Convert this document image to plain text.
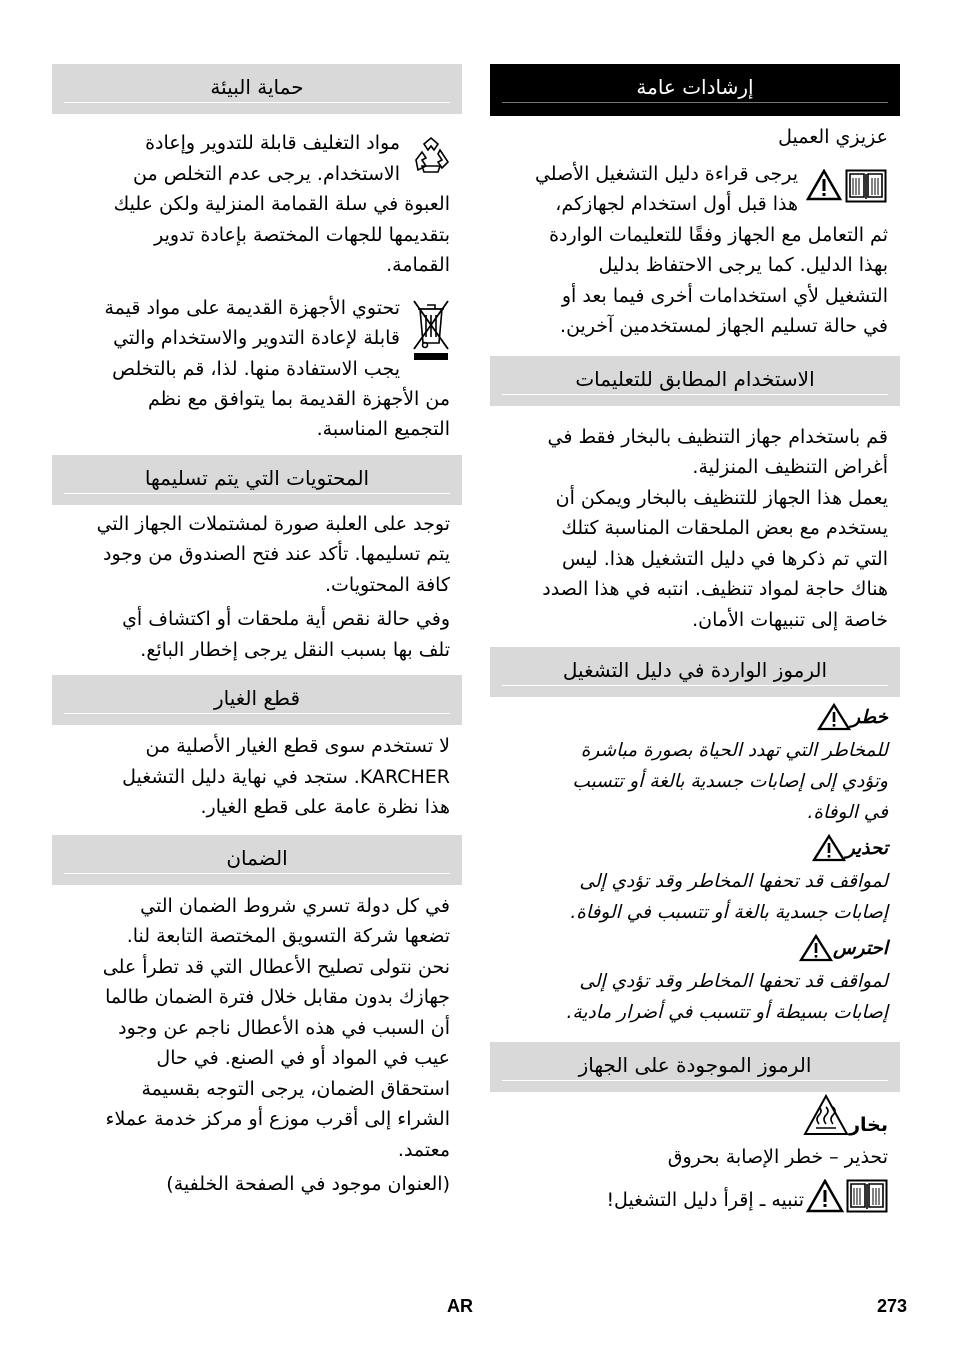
إرشادات عامة
عزيزي العميل
يرجى قراءة دليل التشغيل الأصلي
هذا قبل أول استخدام لجهازكم،
ثم التعامل مع الجهاز وفقًا للتعليمات الواردة
بهذا الدليل. كما يرجى الاحتفاظ بدليل
التشغيل لأي استخدامات أخرى فيما بعد أو
في حالة تسليم الجهاز لمستخدمين آخرين.
الاستخدام المطابق للتعليمات
قم باستخدام جهاز التنظيف بالبخار فقط في
أغراض التنظيف المنزلية.
يعمل هذا الجهاز للتنظيف بالبخار ويمكن أن
يستخدم مع بعض الملحقات المناسبة كتلك
التي تم ذكرها في دليل التشغيل هذا. ليس
هناك حاجة لمواد تنظيف. انتبه في هذا الصدد
خاصة إلى تنبيهات الأمان.
الرموز الواردة في دليل التشغيل
خطر
للمخاطر التي تهدد الحياة بصورة مباشرة
وتؤدي إلى إصابات جسدية بالغة أو تتسبب
في الوفاة.
تحذير
لمواقف قد تحفها المخاطر وقد تؤدي إلى
إصابات جسدية بالغة أو تتسبب في الوفاة.
احترس
لمواقف قد تحفها المخاطر وقد تؤدي إلى
إصابات بسيطة أو تتسبب في أضرار مادية.
الرموز الموجودة على الجهاز
بخار
تحذير – خطر الإصابة بحروق
تنبيه ـ إقرأ دليل التشغيل!
حماية البيئة
مواد التغليف قابلة للتدوير وإعادة
الاستخدام. يرجى عدم التخلص من
العبوة في سلة القمامة المنزلية ولكن عليك
بتقديمها للجهات المختصة بإعادة تدوير
القمامة.
تحتوي الأجهزة القديمة على مواد قيمة
قابلة لإعادة التدوير والاستخدام والتي
يجب الاستفادة منها. لذا، قم بالتخلص
من الأجهزة القديمة بما يتوافق مع نظم
التجميع المناسبة.
المحتويات التي يتم تسليمها
توجد على العلبة صورة لمشتملات الجهاز التي
يتم تسليمها. تأكد عند فتح الصندوق من وجود
كافة المحتويات.
وفي حالة نقص أية ملحقات أو اكتشاف أي
تلف بها بسبب النقل يرجى إخطار البائع.
قطع الغيار
لا تستخدم سوى قطع الغيار الأصلية من
KARCHER. ستجد في نهاية دليل التشغيل
هذا نظرة عامة على قطع الغيار.
الضمان
في كل دولة تسري شروط الضمان التي
تضعها شركة التسويق المختصة التابعة لنا.
نحن نتولى تصليح الأعطال التي قد تطرأ على
جهازك بدون مقابل خلال فترة الضمان طالما
أن السبب في هذه الأعطال ناجم عن وجود
عيب في المواد أو في الصنع. في حال
استحقاق الضمان، يرجى التوجه بقسيمة
الشراء إلى أقرب موزع أو مركز خدمة عملاء
معتمد.
(العنوان موجود في الصفحة الخلفية)
AR	273
